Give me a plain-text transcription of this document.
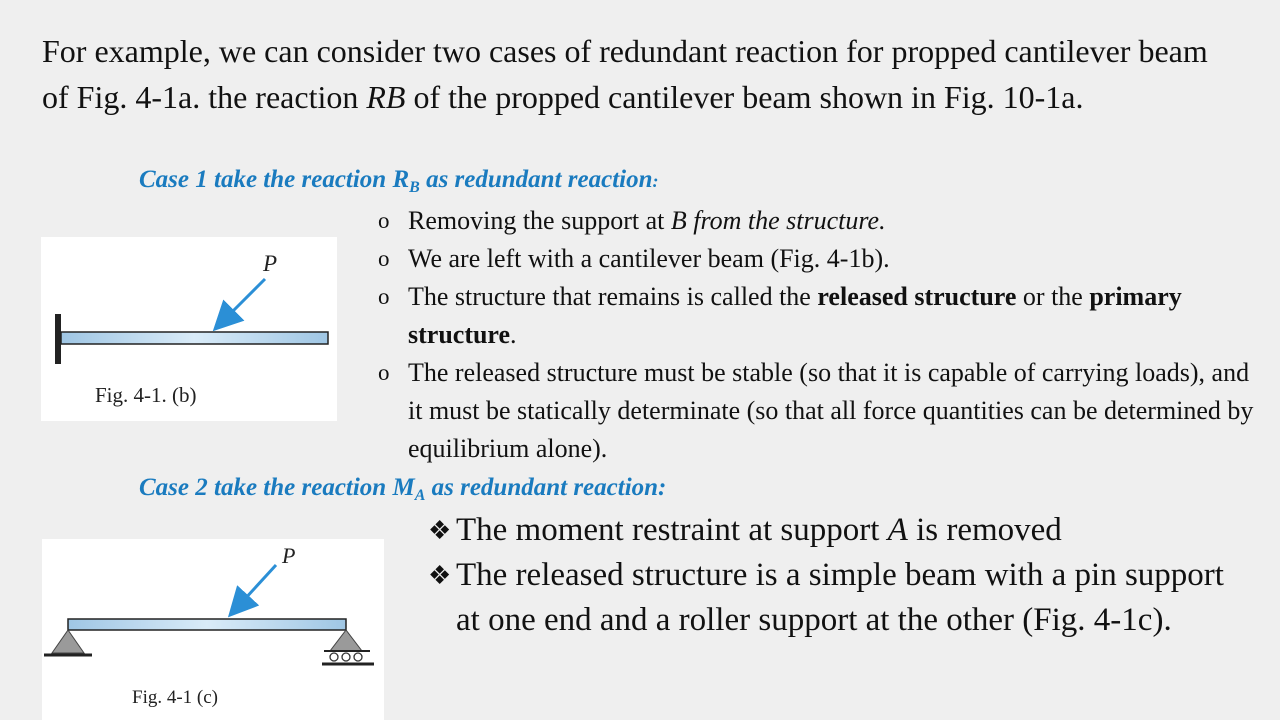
For example, we can consider two cases of redundant reaction for propped cantilever beam of Fig. 4-1a. the reaction RB of the propped cantilever beam shown in Fig. 10-1a.

Case 1 take the reaction $R_B$ as redundant reaction:
o Removing the support at B from the structure.
o We are left with a cantilever beam (Fig. 4-1b).
o The structure that remains is called the released structure or the primary structure.
o The released structure must be stable (so that it is capable of carrying loads), and it must be statically determinate (so that all force quantities can be determined by equilibrium alone).
P
Fig. 4-1. (b)
Case 2 take the reaction $M_A$ as redundant reaction:
❖ The moment restraint at support A is removed
❖ The released structure is a simple beam with a pin support at one end and a roller support at the other (Fig. 4-1c).
P
Fig. 4-1 (c)
